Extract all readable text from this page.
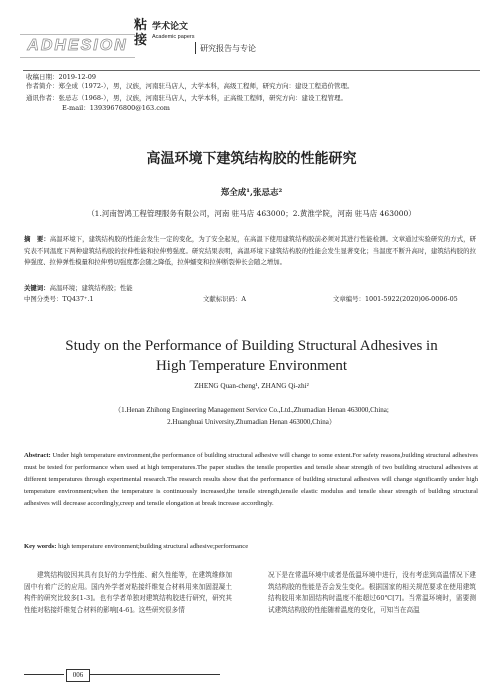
ADHESION
粘接
学术论文
Academic papers
研究报告与专论
收稿日期：2019-12-09
作者简介：郑全成（1972-），男，汉族，河南驻马店人，大学本科，高级工程师，研究方向：建设工程造价管理。
通讯作者：张忌志（1968-），男，汉族，河南驻马店人，大学本科，正高级工程师，研究方向：建设工程管理。
E-mail：13939676800@163.com
高温环境下建筑结构胶的性能研究
郑全成¹,张忌志²
（1.河南智鸿工程管理服务有限公司，河南 驻马店 463000；2.黄淮学院，河南 驻马店 463000）
摘　要：高温环境下，建筑结构胶的性能会发生一定的变化，为了安全起见，在高温下使用建筑结构胶前必须对其进行性能检测。文章通过实验研究的方式，研究表不同温度下两种建筑结构胶的拉伸性能和拉伸剪强度。研究结果表明，高温环境下建筑结构胶的性能会发生显著变化；当温度不断升高时，建筑结构胶的拉伸强度、拉伸弹性模量和拉伸剪切强度都会随之降低，拉伸蠕变和拉伸断裂伸长会随之增加。
关键词：高温环境；建筑结构胶；性能
中图分类号：TQ437⁺.1	文献标识码：A	文章编号：1001-5922(2020)06-0006-05
Study on the Performance of Building Structural Adhesives in
High Temperature Environment
ZHENG Quan-cheng¹, ZHANG Qi-zhi²
（1.Henan Zhihong Engineering Management Service Co.,Ltd.,Zhumadian Henan 463000,China;
2.Huanghuai University,Zhumadian Henan 463000,China）
Abstract: Under high temperature environment,the performance of building structural adhesive will change to some extent.For safety reasons,building structural adhesives must be tested for performance when used at high temperatures.The paper studies the tensile properties and tensile shear strength of two building structural adhesives at different temperatures through experimental research.The research results show that the performance of building structural adhesives will change significantly under high temperature environment;when the temperature is continuously increased,the tensile strength,tensile elastic modulus and tensile shear strength of building structural adhesives will decrease accordingly,creep and tensile elongation at break increase accordingly.
Key words: high temperature environment;building structural adhesive;performance
建筑结构胶因其具有良好的力学性能、耐久性能等，在建筑维修加固中有着广泛的应用。国内外学者对粘接纤维复合材料用来加固混凝土构件的研究比较多[1-3]。也有学者单独对建筑结构胶进行研究，研究其性能对粘接纤维复合材料的影响[4-6]。这些研究很多情
况下是在常温环境中或者是低温环境中进行，没有考虑到高温情况下建筑结构胶的性能是否会发生变化。根据国家的相关规范要求在使用建筑结构胶用来加固结构时温度不能超过60℃[7]。当常温环境时，需要测试建筑结构胶的性能随着温度的变化，可知当在高温
006
